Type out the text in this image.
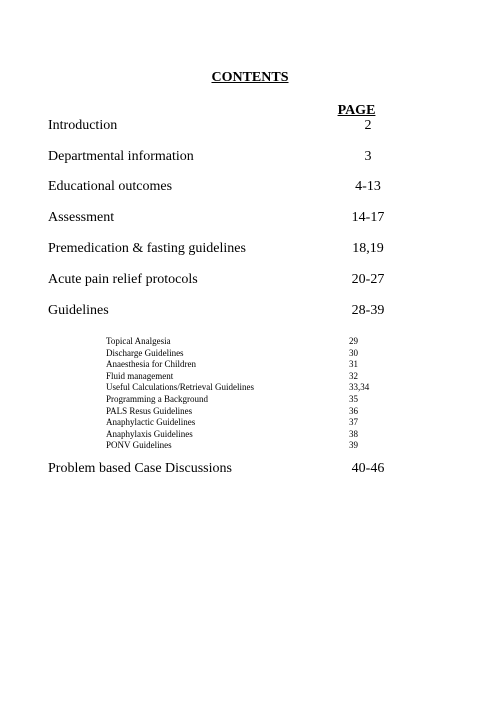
CONTENTS
PAGE
Introduction	2
Departmental information	3
Educational outcomes	4-13
Assessment	14-17
Premedication & fasting guidelines	18,19
Acute pain relief protocols	20-27
Guidelines	28-39
Topical Analgesia	29
Discharge Guidelines	30
Anaesthesia for Children	31
Fluid management	32
Useful Calculations/Retrieval Guidelines	33,34
Programming a Background	35
PALS Resus Guidelines	36
Anaphylactic Guidelines	37
Anaphylaxis Guidelines	38
PONV Guidelines	39
Problem based Case Discussions	40-46
